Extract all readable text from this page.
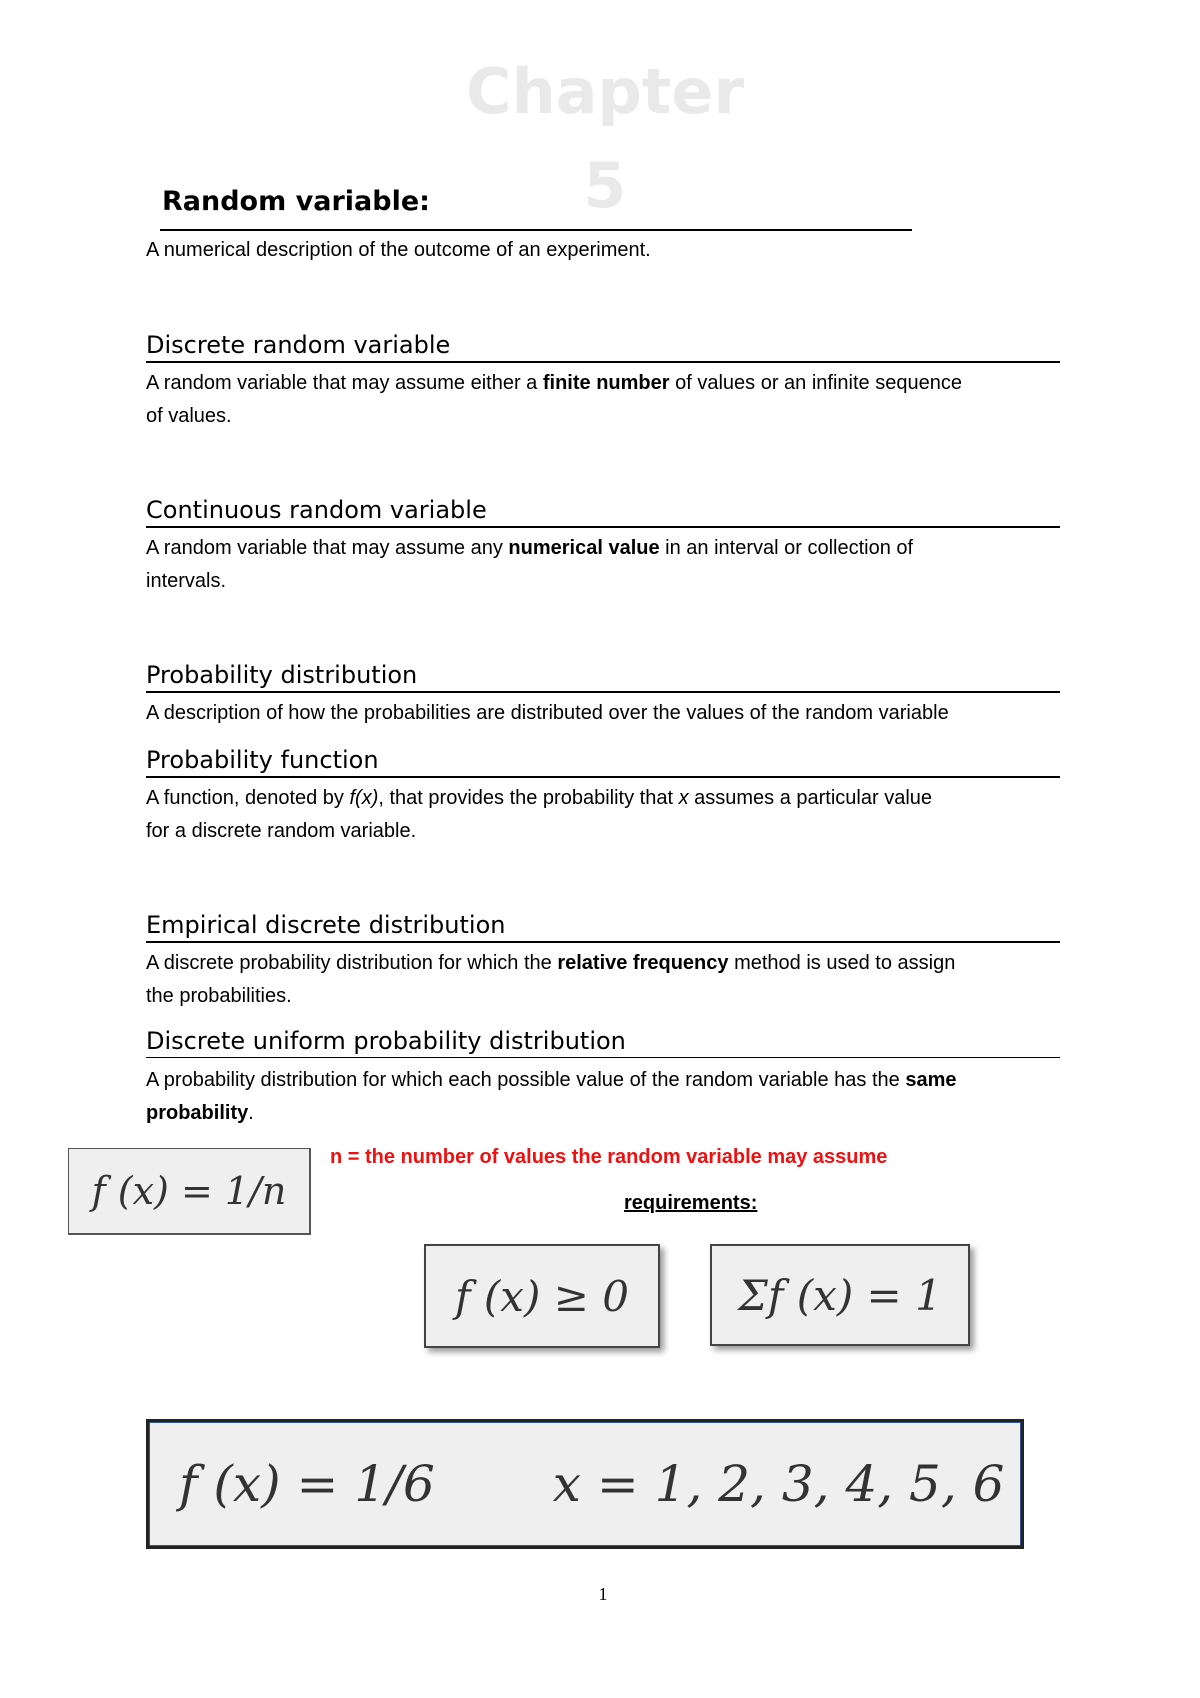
Chapter
5
Random variable:
A numerical description of the outcome of an experiment.
Discrete random variable
A random variable that may assume either a finite number of values or an infinite sequence
of values.
Continuous random variable
A random variable that may assume any numerical value in an interval or collection of
intervals.
Probability distribution
A description of how the probabilities are distributed over the values of the random variable
Probability function
A function, denoted by f(x), that provides the probability that x assumes a particular value
for a discrete random variable.
Empirical discrete distribution
A discrete probability distribution for which the relative frequency method is used to assign
the probabilities.
Discrete uniform probability distribution
A probability distribution for which each possible value of the random variable has the same
probability.
f (x) = 1/n
n = the number of values the random variable may assume
requirements:
f (x) ≥ 0	Σf (x) = 1
f (x) = 1/6 x = 1, 2, 3, 4, 5, 6
1
